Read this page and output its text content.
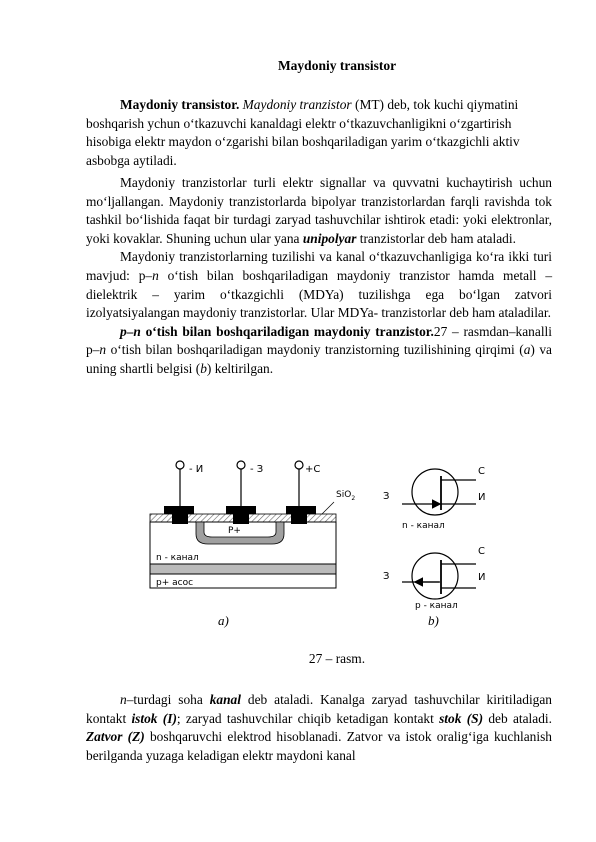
Maydoniy transistor

Maydoniy transistor. Maydoniy tranzistor (MT) deb, tok kuchi qiymatini boshqarish ychun o‘tkazuvchi kanaldagi elektr o‘tkazuvchanligikni o‘zgartirish hisobiga elektr maydon o‘zgarishi bilan boshqariladigan yarim o‘tkazgichli aktiv asbobga aytiladi.

Maydoniy tranzistorlar turli elektr signallar va quvvatni kuchaytirish uchun mo‘ljallangan. Maydoniy tranzistorlarda bipolyar tranzistorlardan farqli ravishda tok tashkil bo‘lishida faqat bir turdagi zaryad tashuvchilar ishtirok etadi: yoki elektronlar, yoki kovaklar. Shuning uchun ular yana unipolyar tranzistorlar deb ham ataladi.

Maydoniy tranzistorlarning tuzilishi va kanal o‘tkazuvchanligiga ko‘ra ikki turi mavjud: p–n o‘tish bilan boshqariladigan maydoniy tranzistor hamda metall – dielektrik – yarim o‘tkazgichli (MDYa) tuzilishga ega bo‘lgan zatvori izolyatsiyalangan maydoniy tranzistorlar. Ular MDYa- tranzistorlar deb ham ataladilar.

p–n o‘tish bilan boshqariladigan maydoniy tranzistor.27 – rasmdan–kanalli p–n o‘tish bilan boshqariladigan maydoniy tranzistorning tuzilishining qirqimi (a) va uning shartli belgisi (b) keltirilgan.

- И	- З	+С
SiO$_2$
n - канал
P+
p+ асос
С
З	И
n - канал
С
З	И
p - канал
a)	b)
27 – rasm.

n–turdagi soha kanal deb ataladi. Kanalga zaryad tashuvchilar kiritiladigan kontakt istok (I); zaryad tashuvchilar chiqib ketadigan kontakt stok (S) deb ataladi. Zatvor (Z) boshqaruvchi elektrod hisoblanadi. Zatvor va istok oralig‘iga kuchlanish berilganda yuzaga keladigan elektr maydoni kanal
